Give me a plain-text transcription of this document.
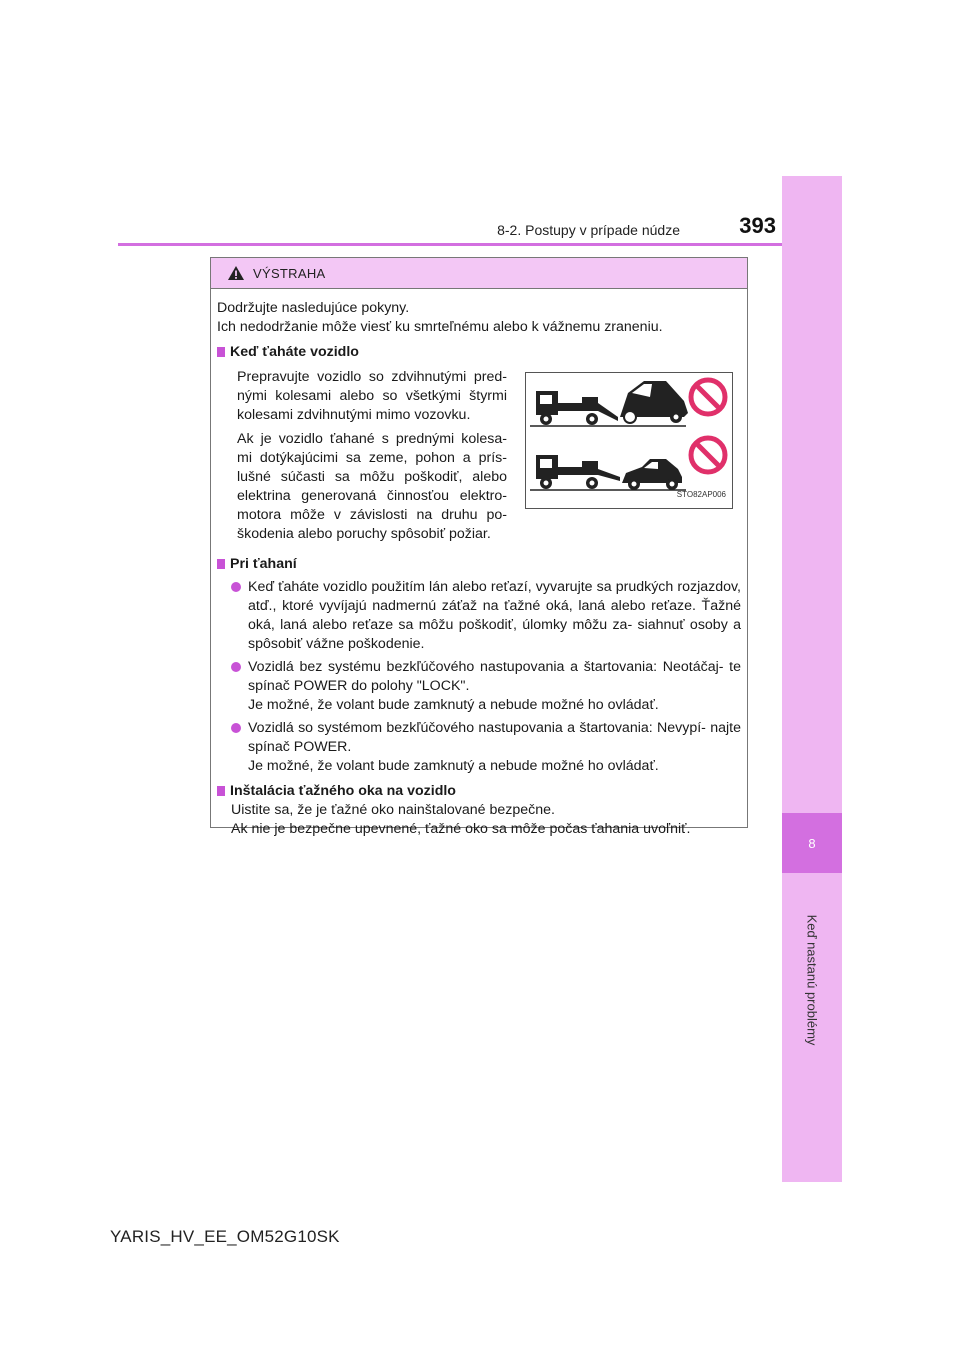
8
Keď nastanú problémy
8-2. Postupy v prípade núdze	393
VÝSTRAHA

Dodržujte nasledujúce pokyny.

Ich nedodržanie môže viesť ku smrteľnému alebo k vážnemu zraneniu.

Keď ťaháte vozidlo

Prepravujte vozidlo so zdvihnutými pred- nými kolesami alebo so všetkými štyrmi kolesami zdvihnutými mimo vozovku.

Ak je vozidlo ťahané s prednými kolesa- mi dotýkajúcimi sa zeme, pohon a prís- lušné súčasti sa môžu poškodiť, alebo elektrina generovaná činnosťou elektro- motora môže v závislosti na druhu po- škodenia alebo poruchy spôsobiť požiar.

STO82AP006
Pri ťahaní
Keď ťaháte vozidlo použitím lán alebo reťazí, vyvarujte sa prudkých rozjazdov, atď., ktoré vyvíjajú nadmernú záťaž na ťažné oká, laná alebo reťaze. Ťažné oká, laná alebo reťaze sa môžu poškodiť, úlomky môžu za- siahnuť osoby a spôsobiť vážne poškodenie.
Vozidlá bez systému bezkľúčového nastupovania a štartovania: Neotáčaj- te spínač POWER do polohy "LOCK".
Je možné, že volant bude zamknutý a nebude možné ho ovládať.
Vozidlá so systémom bezkľúčového nastupovania a štartovania: Nevypí- najte spínač POWER.
Je možné, že volant bude zamknutý a nebude možné ho ovládať.
Inštalácia ťažného oka na vozidlo

Uistite sa, že je ťažné oko nainštalované bezpečne.

Ak nie je bezpečne upevnené, ťažné oko sa môže počas ťahania uvoľniť.

YARIS_HV_EE_OM52G10SK
